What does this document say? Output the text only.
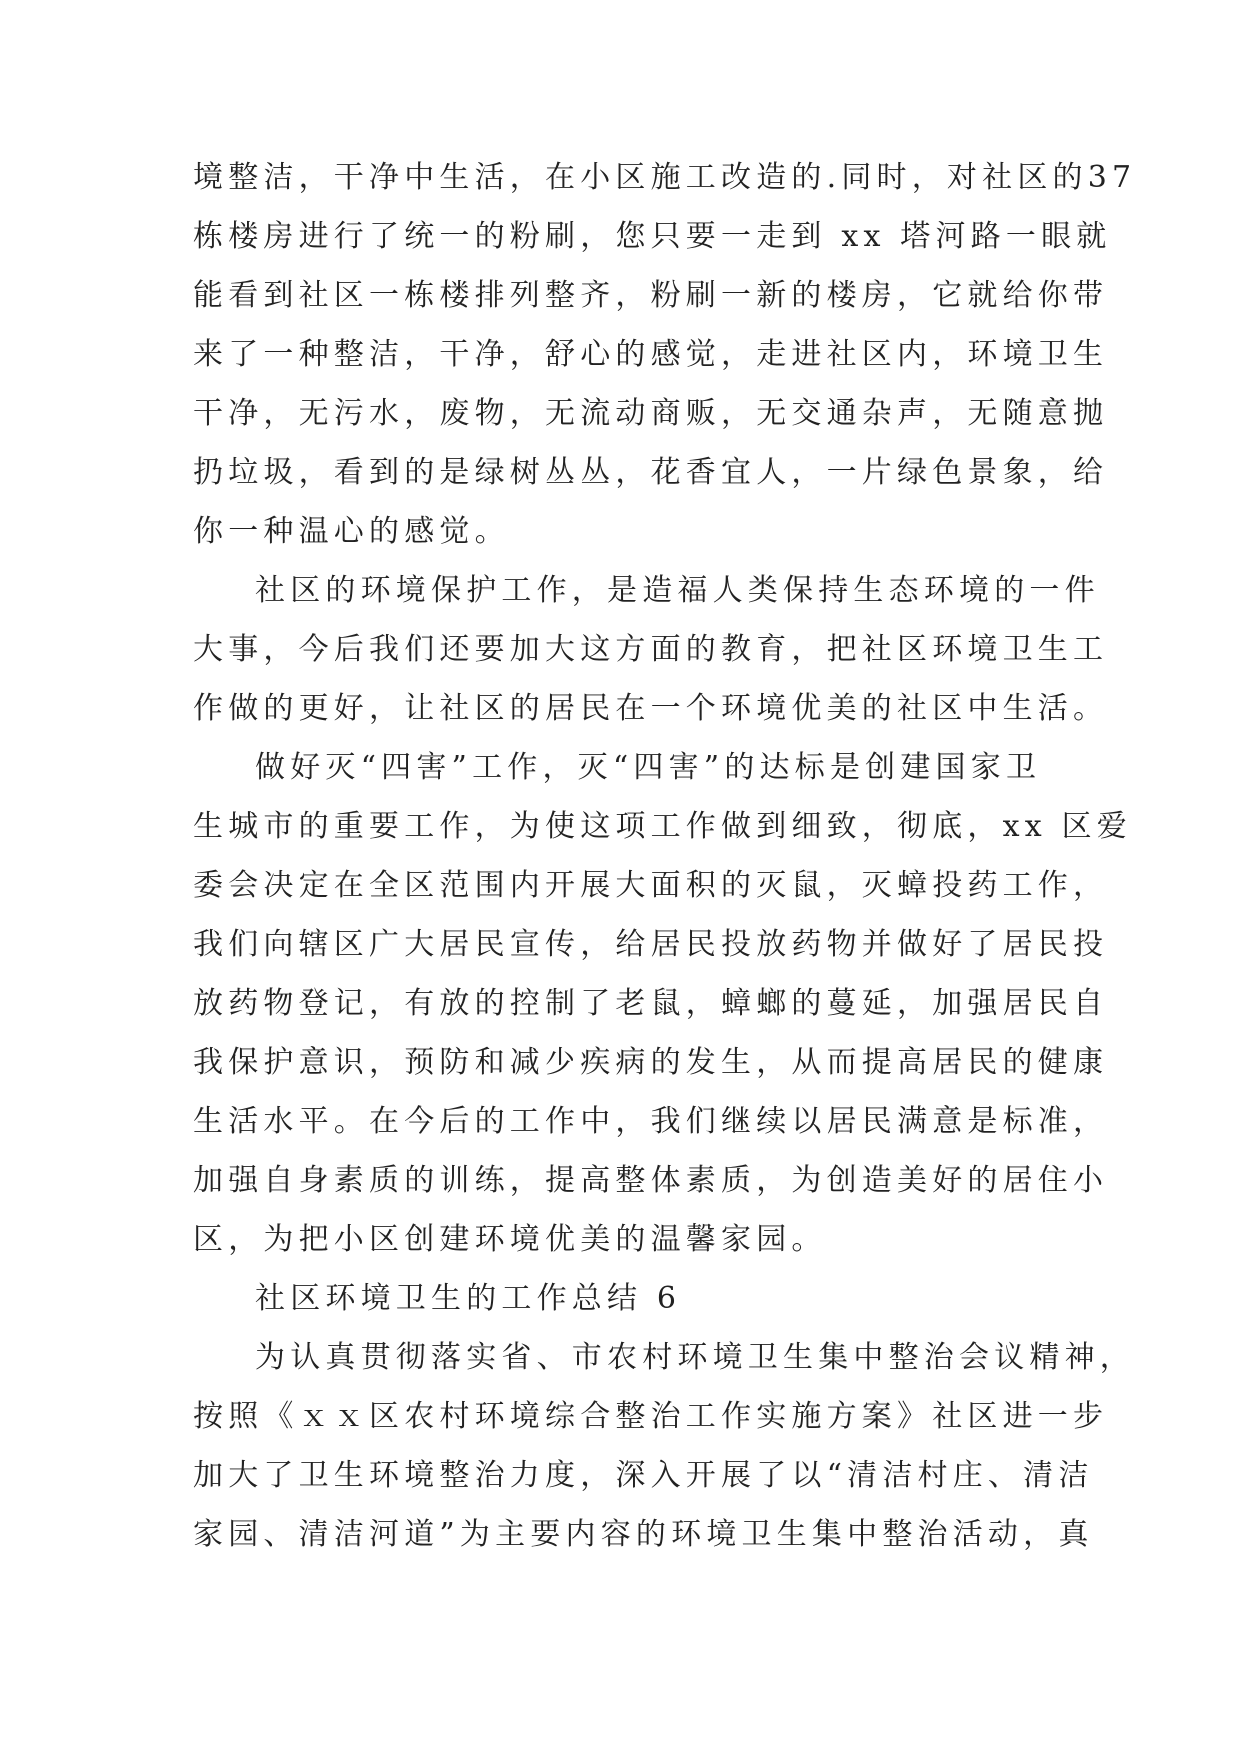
境整洁，干净中生活，在小区施工改造的.同时，对社区的37
栋楼房进行了统一的粉刷，您只要一走到 xx 塔河路一眼就
能看到社区一栋楼排列整齐，粉刷一新的楼房，它就给你带
来了一种整洁，干净，舒心的感觉，走进社区内，环境卫生
干净，无污水，废物，无流动商贩，无交通杂声，无随意抛
扔垃圾，看到的是绿树丛丛，花香宜人，一片绿色景象，给
你一种温心的感觉。
社区的环境保护工作，是造福人类保持生态环境的一件
大事，今后我们还要加大这方面的教育，把社区环境卫生工
作做的更好，让社区的居民在一个环境优美的社区中生活。
做好灭“四害”工作，灭“四害”的达标是创建国家卫
生城市的重要工作，为使这项工作做到细致，彻底，xx 区爱
委会决定在全区范围内开展大面积的灭鼠，灭蟑投药工作，
我们向辖区广大居民宣传，给居民投放药物并做好了居民投
放药物登记，有放的控制了老鼠，蟑螂的蔓延，加强居民自
我保护意识，预防和减少疾病的发生，从而提高居民的健康
生活水平。在今后的工作中，我们继续以居民满意是标准，
加强自身素质的训练，提高整体素质，为创造美好的居住小
区，为把小区创建环境优美的温馨家园。
社区环境卫生的工作总结 6
为认真贯彻落实省、市农村环境卫生集中整治会议精神，
按照《ｘｘ区农村环境综合整治工作实施方案》社区进一步
加大了卫生环境整治力度，深入开展了以“清洁村庄、清洁
家园、清洁河道”为主要内容的环境卫生集中整治活动，真
